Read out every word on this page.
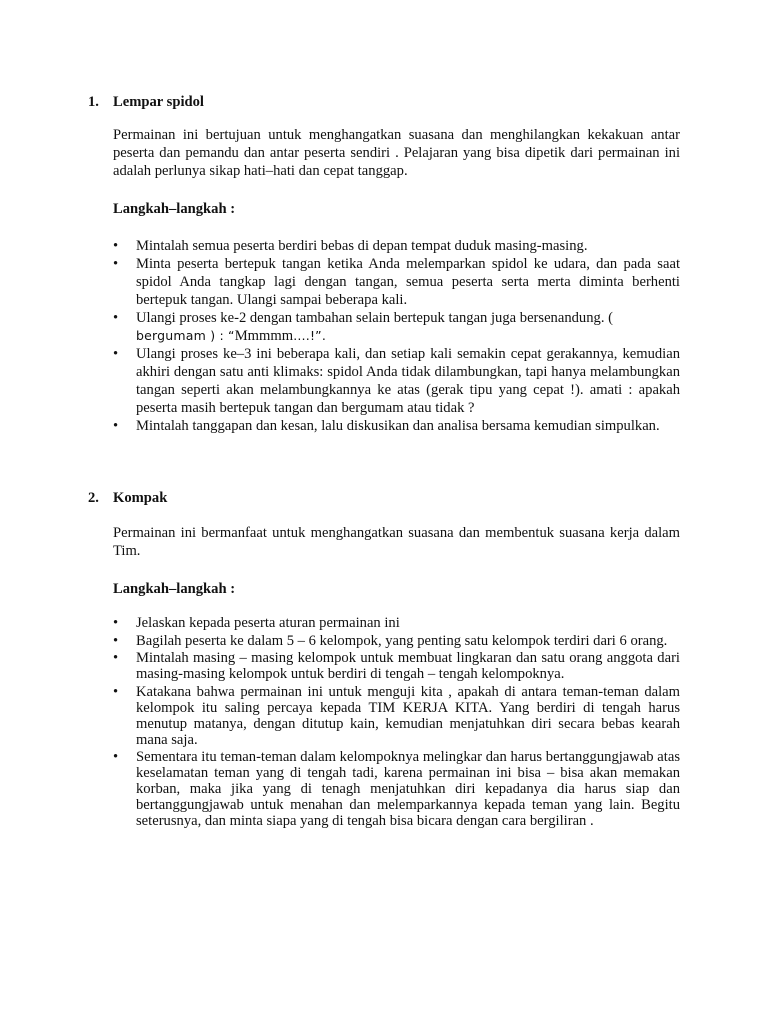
1. Lempar spidol

Permainan ini bertujuan untuk menghangatkan suasana dan menghilangkan kekakuan antar peserta dan pemandu dan antar peserta sendiri . Pelajaran yang bisa dipetik dari permainan ini adalah perlunya sikap hati–hati dan cepat tanggap.

Langkah–langkah :

•	Mintalah semua peserta berdiri bebas di depan tempat duduk masing-masing.
•	Minta peserta bertepuk tangan ketika Anda melemparkan spidol ke udara, dan pada saat spidol Anda tangkap lagi dengan tangan, semua peserta serta merta diminta berhenti bertepuk tangan. Ulangi sampai beberapa kali.
•	Ulangi proses ke-2 dengan tambahan selain bertepuk tangan juga bersenandung. (
bergumam ) : “Mmmmm….!”.
•	Ulangi proses ke–3 ini beberapa kali, dan setiap kali semakin cepat gerakannya, kemudian akhiri dengan satu anti klimaks: spidol Anda tidak dilambungkan, tapi hanya melambungkan tangan seperti akan melambungkannya ke atas (gerak tipu yang cepat !). amati : apakah peserta masih bertepuk tangan dan bergumam atau tidak ?
•	Mintalah tanggapan dan kesan, lalu diskusikan dan analisa bersama kemudian simpulkan.

2. Kompak

Permainan ini bermanfaat untuk menghangatkan suasana dan membentuk suasana kerja dalam Tim.

Langkah–langkah :

•	Jelaskan kepada peserta aturan permainan ini
•	Bagilah peserta ke dalam 5 – 6 kelompok, yang penting satu kelompok terdiri dari 6 orang.
•	Mintalah masing – masing kelompok untuk membuat lingkaran dan satu orang anggota dari masing-masing kelompok untuk berdiri di tengah – tengah kelompoknya.
•	Katakana bahwa permainan ini untuk menguji kita , apakah di antara teman-teman dalam kelompok itu saling percaya kepada TIM KERJA KITA. Yang berdiri di tengah harus menutup matanya, dengan ditutup kain, kemudian menjatuhkan diri secara bebas kearah mana saja.
•	Sementara itu teman-teman dalam kelompoknya melingkar dan harus bertanggungjawab atas keselamatan teman yang di tengah tadi, karena permainan ini bisa – bisa akan memakan korban, maka jika yang di tenagh menjatuhkan diri kepadanya dia harus siap dan bertanggungjawab untuk menahan dan melemparkannya kepada teman yang lain. Begitu seterusnya, dan minta siapa yang di tengah bisa bicara dengan cara bergiliran .
